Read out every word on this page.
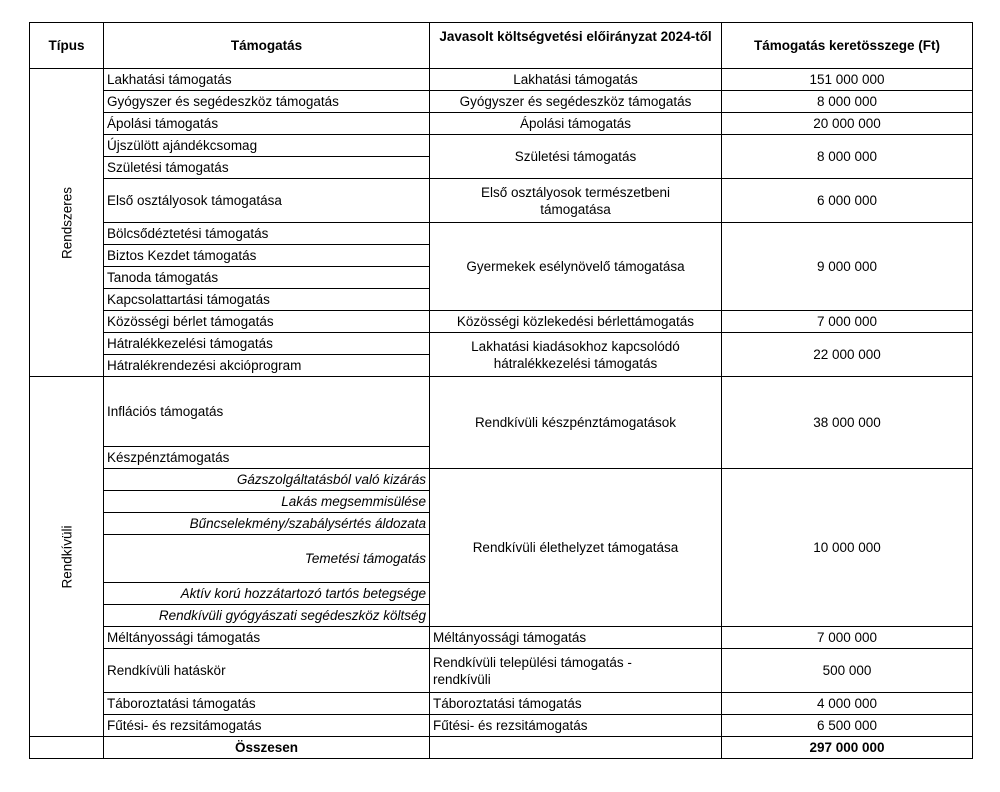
Típus	Támogatás	Javasolt költségvetési előirányzat 2024-től	Támogatás keretösszege (Ft)

Rendszeres	Lakhatási támogatás	Lakhatási támogatás	151 000 000
	Gyógyszer és segédeszköz támogatás	Gyógyszer és segédeszköz támogatás	8 000 000
	Ápolási támogatás	Ápolási támogatás	20 000 000
	Újszülött ajándékcsomag	Születési támogatás	8 000 000
	Születési támogatás		
	Első osztályosok támogatása	Első osztályosok természetbeni támogatása	6 000 000
	Bölcsődéztetési támogatás	Gyermekek esélynövelő támogatása	9 000 000
	Biztos Kezdet támogatás		
	Tanoda támogatás		
	Kapcsolattartási támogatás		
	Közösségi bérlet támogatás	Közösségi közlekedési bérlettámogatás	7 000 000
	Hátralékkezelési támogatás	Lakhatási kiadásokhoz kapcsolódó hátralékkezelési támogatás	22 000 000
	Hátralékrendezési akcióprogram		

Rendkívüli	Inflációs támogatás	Rendkívüli készpénztámogatások	38 000 000
	Készpénztámogatás		
	Gázszolgáltatásból való kizárás	Rendkívüli élethelyzet támogatása	10 000 000
	Lakás megsemmisülése		
	Bűncselekmény/szabálysértés áldozata		
	Temetési támogatás		
	Aktív korú hozzátartozó tartós betegsége		
	Rendkívüli gyógyászati segédeszköz költség		
	Méltányossági támogatás	Méltányossági támogatás	7 000 000
	Rendkívüli hatáskör	Rendkívüli települési támogatás - rendkívüli	500 000
	Táboroztatási támogatás	Táboroztatási támogatás	4 000 000
	Fűtési- és rezsitámogatás	Fűtési- és rezsitámogatás	6 500 000
	Összesen		297 000 000
